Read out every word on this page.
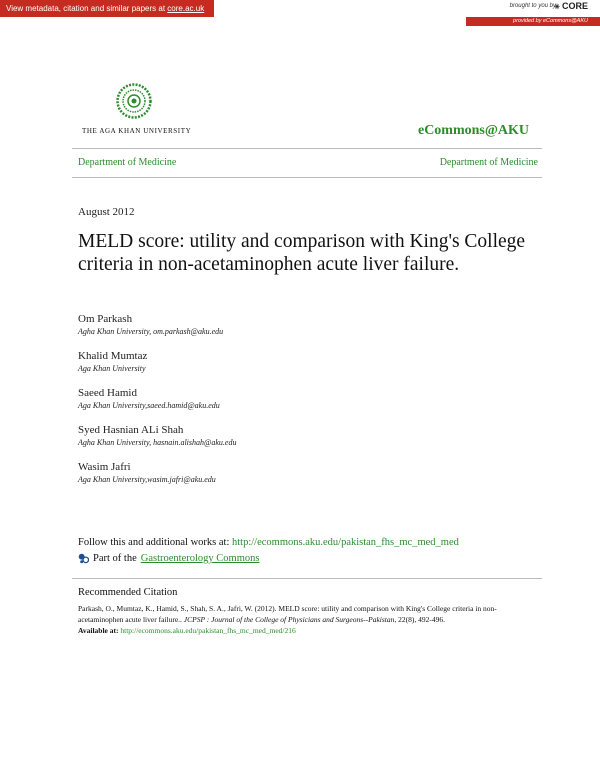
View metadata, citation and similar papers at core.ac.uk	brought to you by
✳ CORE
provided by eCommons@AKU
THE AGA KHAN UNIVERSITY	eCommons@AKU
Department of Medicine	Department of Medicine
August 2012
MELD score: utility and comparison with King's College criteria in non-acetaminophen acute liver failure.
Om Parkash
Agha Khan University, om.parkash@aku.edu
Khalid Mumtaz
Aga Khan University
Saeed Hamid
Aga Khan University,saeed.hamid@aku.edu
Syed Hasnian ALi Shah
Agha Khan University, hasnain.alishah@aku.edu
Wasim Jafri
Aga Khan University,wasim.jafri@aku.edu
Follow this and additional works at: http://ecommons.aku.edu/pakistan_fhs_mc_med_med
Part of the Gastroenterology Commons
Recommended Citation
Parkash, O., Mumtaz, K., Hamid, S., Shah, S. A., Jafri, W. (2012). MELD score: utility and comparison with King's College criteria in non-acetaminophen acute liver failure.. JCPSP : Journal of the College of Physicians and Surgeons--Pakistan, 22(8), 492-496.
Available at: http://ecommons.aku.edu/pakistan_fhs_mc_med_med/216
